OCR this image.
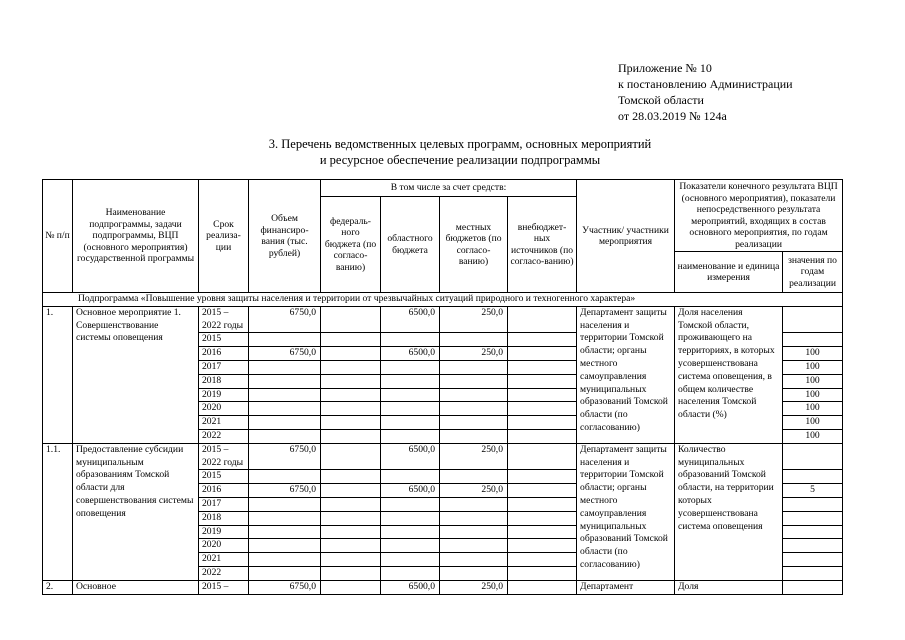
Приложение № 10
к постановлению Администрации
Томской области
от 28.03.2019 № 124а
3. Перечень ведомственных целевых программ, основных мероприятий
и ресурсное обеспечение реализации подпрограммы
№ п/п	Наименование подпрограммы, задачи подпрограммы, ВЦП (основного мероприятия) государственной программы	Срок реализа-ции	Объем финансиро-вания (тыс. рублей)	В том числе за счет средств:				Участник/ участники мероприятия	Показатели конечного результата ВЦП (основного мероприятия), показатели непосредственного результата мероприятий, входящих в состав основного мероприятия, по годам реализации	
				федераль-ного бюджета (по согласо-ванию)	областного бюджета	местных бюджетов (по согласо-ванию)	внебюджет-ных источников (по согласо-ванию)			
									наименование и единица измерения	значения по годам реализации
Подпрограмма «Повышение уровня защиты населения и территории от чрезвычайных ситуаций природного и техногенного характера»										
1.	Основное мероприятие 1. Совершенствование системы оповещения	2015 – 2022 годы	6750,0		6500,0	250,0		Департамент защиты населения и территории Томской области; органы местного самоуправления муниципальных образований Томской области (по согласованию)	Доля населения Томской области, проживающего на территориях, в которых усовершенствована система оповещения, в общем количестве населения Томской области (%)	
		2015								
		2016	6750,0		6500,0	250,0				100
		2017								100
		2018								100
		2019								100
		2020								100
		2021								100
		2022								100
1.1.	Предоставление субсидии муниципальным образованиям Томской области для совершенствования системы оповещения	2015 – 2022 годы	6750,0		6500,0	250,0		Департамент защиты населения и территории Томской области; органы местного самоуправления муниципальных образований Томской области (по согласованию)	Количество муниципальных образований Томской области, на территории которых усовершенствована система оповещения	
		2015								
		2016	6750,0		6500,0	250,0				5
		2017								
		2018								
		2019								
		2020								
		2021								
		2022								
2.	Основное	2015 –	6750,0		6500,0	250,0		Департамент	Доля	
